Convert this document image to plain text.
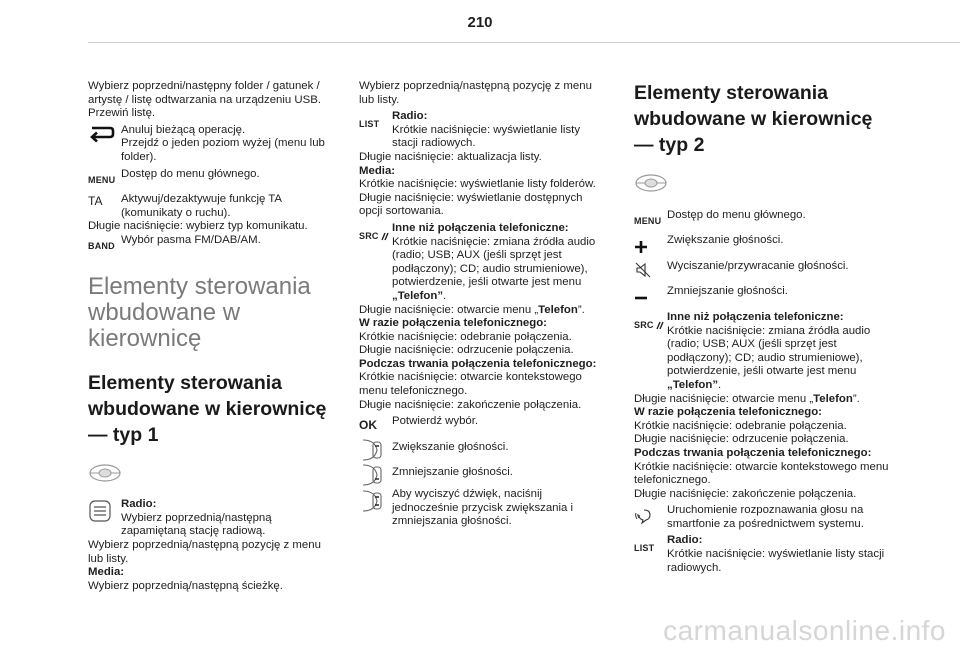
210

Wybierz poprzedni/następny folder / gatunek / artystę / listę odtwarzania na urządzeniu USB.

Przewiń listę.

Anuluj bieżącą operację.
Przejdź o jeden poziom wyżej (menu lub folder).
MENU Dostęp do menu głównego.
TA	Aktywuj/dezaktywuje funkcję TA (komunikaty o ruchu).

Długie naciśnięcie: wybierz typ komunikatu.

BAND Wybór pasma FM/DAB/AM.
Elementy sterowania wbudowane w kierownicę
Elementy sterowania wbudowane w kierownicę — typ 1
Radio:
Wybierz poprzednią/następną zapamiętaną stację radiową.

Wybierz poprzednią/następną pozycję z menu lub listy.

Media:

Wybierz poprzednią/następną ścieżkę.

Wybierz poprzednią/następną pozycję z menu lub listy.

LIST
Radio:
Krótkie naciśnięcie: wyświetlanie listy stacji radiowych.

Długie naciśnięcie: aktualizacja listy.

Media:

Krótkie naciśnięcie: wyświetlanie listy folderów.

Długie naciśnięcie: wyświetlanie dostępnych opcji sortowania.

SRC
Inne niż połączenia telefoniczne:
Krótkie naciśnięcie: zmiana źródła audio (radio; USB; AUX (jeśli sprzęt jest podłączony); CD; audio strumieniowe), potwierdzenie, jeśli otwarte jest menu
„Telefon”.

Długie naciśnięcie: otwarcie menu „Telefon”.

W razie połączenia telefonicznego:

Krótkie naciśnięcie: odebranie połączenia.

Długie naciśnięcie: odrzucenie połączenia.

Podczas trwania połączenia telefonicznego:

Krótkie naciśnięcie: otwarcie kontekstowego menu telefonicznego.

Długie naciśnięcie: zakończenie połączenia.

OK	Potwierdź wybór.
Zwiększanie głośności.
Zmniejszanie głośności.
Aby wyciszyć dźwięk, naciśnij jednocześnie przycisk zwiększania i zmniejszania głośności.
Elementy sterowania wbudowane w kierownicę — typ 2
MENU Dostęp do menu głównego.
Zwiększanie głośności.
Wyciszanie/przywracanie głośności.
Zmniejszanie głośności.
SRC
Inne niż połączenia telefoniczne:
Krótkie naciśnięcie: zmiana źródła audio (radio; USB; AUX (jeśli sprzęt jest podłączony); CD; audio strumieniowe), potwierdzenie, jeśli otwarte jest menu
„Telefon”.

Długie naciśnięcie: otwarcie menu „Telefon”.

W razie połączenia telefonicznego:

Krótkie naciśnięcie: odebranie połączenia.

Długie naciśnięcie: odrzucenie połączenia.

Podczas trwania połączenia telefonicznego:

Krótkie naciśnięcie: otwarcie kontekstowego menu telefonicznego.

Długie naciśnięcie: zakończenie połączenia.

Uruchomienie rozpoznawania głosu na smartfonie za pośrednictwem systemu.
LIST
Radio:
Krótkie naciśnięcie: wyświetlanie listy stacji radiowych.
carmanualsonline.info
